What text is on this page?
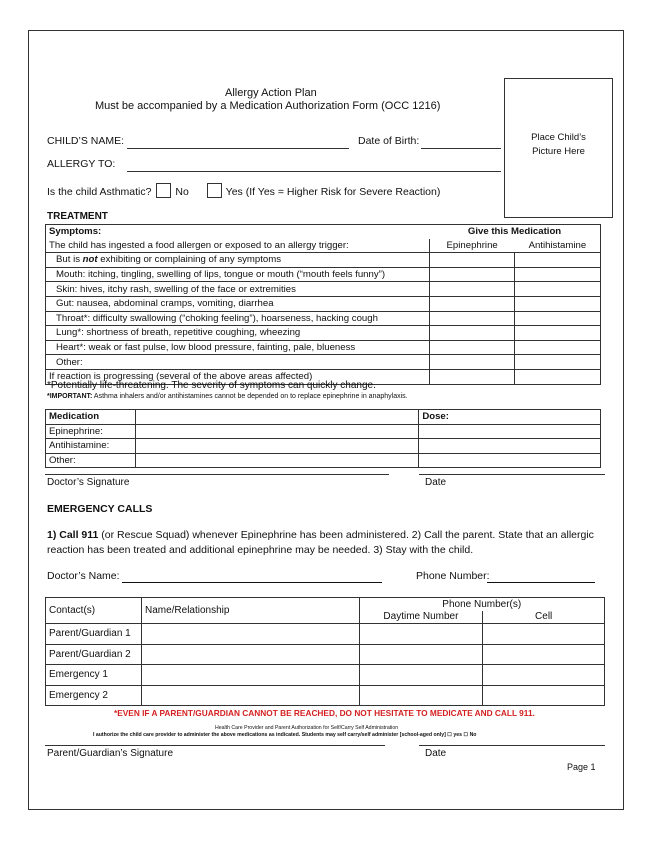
Allergy Action Plan
Must be accompanied by a Medication Authorization Form (OCC 1216)
Place Child’s
Picture Here
CHILD’S NAME:	Date of Birth:
ALLERGY TO:
Is the child Asthmatic? No	Yes (If Yes = Higher Risk for Severe Reaction)
TREATMENT
Symptoms:	Give this Medication	
The child has ingested a food allergen or exposed to an allergy trigger:	Epinephrine	Antihistamine
But is not exhibiting or complaining of any symptoms		
Mouth: itching, tingling, swelling of lips, tongue or mouth (“mouth feels funny”)		
Skin: hives, itchy rash, swelling of the face or extremities		
Gut: nausea, abdominal cramps, vomiting, diarrhea		
Throat*: difficulty swallowing (“choking feeling”), hoarseness, hacking cough		
Lung*: shortness of breath, repetitive coughing, wheezing		
Heart*: weak or fast pulse, low blood pressure, fainting, pale, blueness		
Other:		
If reaction is progressing (several of the above areas affected)		
*Potentially life-threatening. The severity of symptoms can quickly change.
*IMPORTANT: Asthma inhalers and/or antihistamines cannot be depended on to replace epinephrine in anaphylaxis.
Medication		Dose:
Epinephrine:		
Antihistamine:		
Other:		
Doctor’s Signature	Date
EMERGENCY CALLS
1) Call 911 (or Rescue Squad) whenever Epinephrine has been administered. 2) Call the parent. State that an allergic
reaction has been treated and additional epinephrine may be needed. 3) Stay with the child.
Doctor’s Name:	Phone Number:
Contact(s)	Name/Relationship	Phone Number(s)	
		Daytime Number	Cell
Parent/Guardian 1			
Parent/Guardian 2			
Emergency 1			
Emergency 2			
*EVEN IF A PARENT/GUARDIAN CANNOT BE REACHED, DO NOT HESITATE TO MEDICATE AND CALL 911.
Health Care Provider and Parent Authorization for Self/Carry Self Administration
I authorize the child care provider to administer the above medications as indicated. Students may self carry/self administer [school-aged only] ☐ yes ☐ No
Parent/Guardian’s Signature	Date
Page 1
